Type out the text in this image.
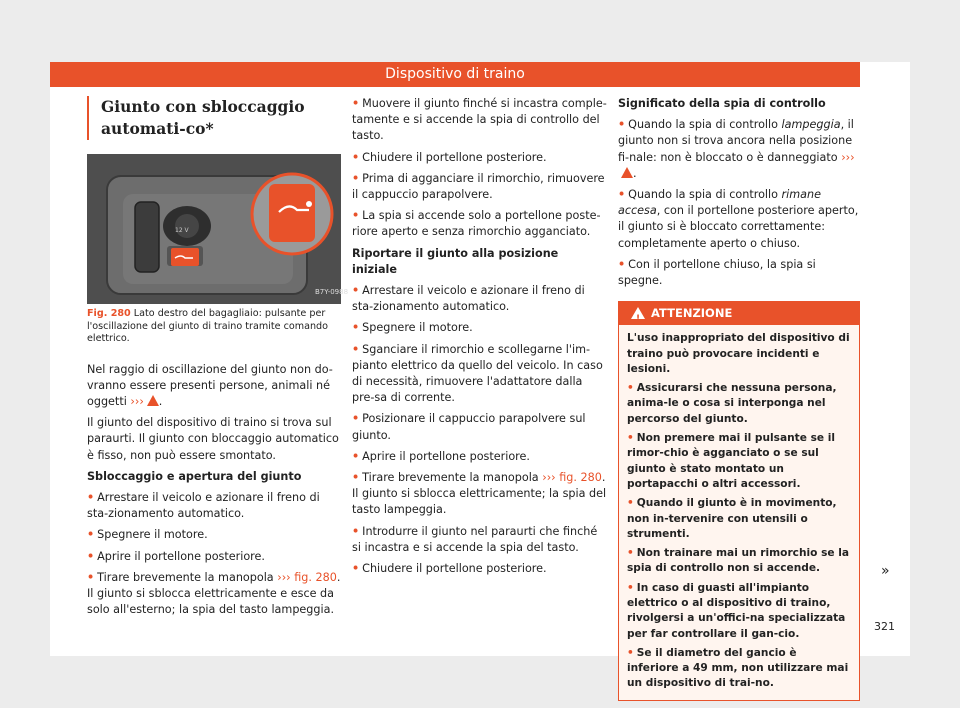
Dispositivo di traino
Giunto con sbloccaggio automati-co*
B7Y-0988
12 V
Fig. 280 Lato destro del bagagliaio: pulsante per l'oscillazione del giunto di traino tramite comando elettrico.

Nel raggio di oscillazione del giunto non do-vranno essere presenti persone, animali né oggetti ››› .

Il giunto del dispositivo di traino si trova sul paraurti. Il giunto con bloccaggio automatico è fisso, non può essere smontato.

Sbloccaggio e apertura del giunto

• Arrestare il veicolo e azionare il freno di sta-zionamento automatico.

• Spegnere il motore.

• Aprire il portellone posteriore.

• Tirare brevemente la manopola ››› fig. 280. Il giunto si sblocca elettricamente e esce da solo all'esterno; la spia del tasto lampeggia.

• Muovere il giunto finché si incastra comple-tamente e si accende la spia di controllo del tasto.

• Chiudere il portellone posteriore.

• Prima di agganciare il rimorchio, rimuovere il cappuccio parapolvere.

• La spia si accende solo a portellone poste-riore aperto e senza rimorchio agganciato.

Riportare il giunto alla posizione iniziale

• Arrestare il veicolo e azionare il freno di sta-zionamento automatico.

• Spegnere il motore.

• Sganciare il rimorchio e scollegarne l'im-pianto elettrico da quello del veicolo. In caso di necessità, rimuovere l'adattatore dalla pre-sa di corrente.

• Posizionare il cappuccio parapolvere sul giunto.

• Aprire il portellone posteriore.

• Tirare brevemente la manopola ››› fig. 280. Il giunto si sblocca elettricamente; la spia del tasto lampeggia.

• Introdurre il giunto nel paraurti che finché si incastra e si accende la spia del tasto.

• Chiudere il portellone posteriore.

Significato della spia di controllo

• Quando la spia di controllo lampeggia, il giunto non si trova ancora nella posizione fi-nale: non è bloccato o è danneggiato ›››.

• Quando la spia di controllo rimane accesa, con il portellone posteriore aperto, il giunto si è bloccato correttamente: completamente aperto o chiuso.

• Con il portellone chiuso, la spia si spegne.

!
ATTENZIONE

L'uso inappropriato del dispositivo di traino può provocare incidenti e lesioni.

• Assicurarsi che nessuna persona, anima-le o cosa si interponga nel percorso del giunto.

• Non premere mai il pulsante se il rimor-chio è agganciato o se sul giunto è stato montato un portapacchi o altri accessori.

• Quando il giunto è in movimento, non in-tervenire con utensili o strumenti.

• Non trainare mai un rimorchio se la spia di controllo non si accende.

• In caso di guasti all'impianto elettrico o al dispositivo di traino, rivolgersi a un'offici-na specializzata per far controllare il gan-cio.

• Se il diametro del gancio è inferiore a 49 mm, non utilizzare mai un dispositivo di trai-no.

»
321
